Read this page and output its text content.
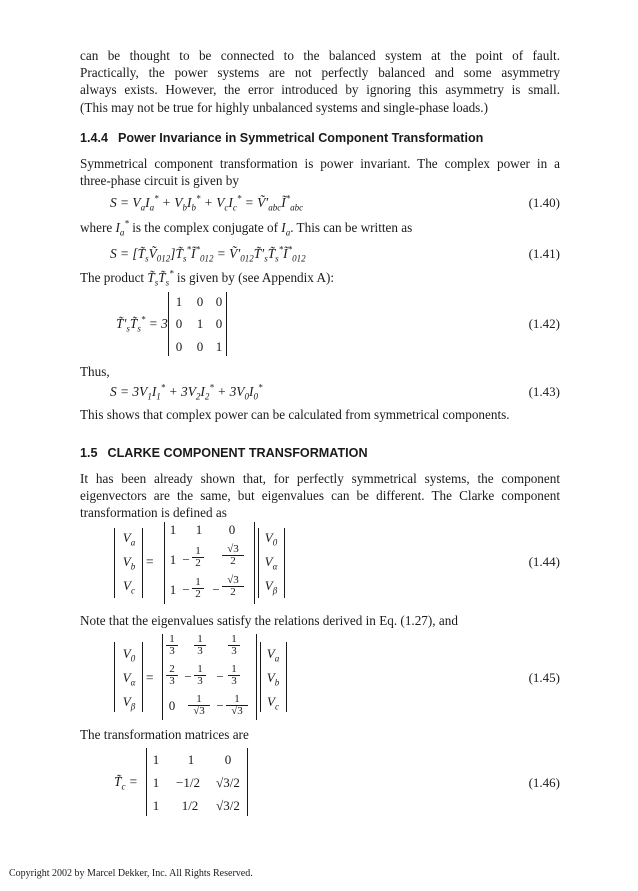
can be thought to be connected to the balanced system at the point of fault.
Practically, the power systems are not perfectly balanced and some asymmetry
always exists. However, the error introduced by ignoring this asymmetry is small.
(This may not be true for highly unbalanced systems and single-phase loads.)
1.4.4 Power Invariance in Symmetrical Component Transformation
Symmetrical component transformation is power invariant. The complex power in a
three-phase circuit is given by
$S = V_aI_a^* + V_bI_b^* + V_cI_c^*$ = $Ṽ'_{abc}Ĩ^*_{abc}$	(1.40)
where $I_a^*$ is the complex conjugate of $I_a$. This can be written as
$S = [T̃_sṼ_{012}]T̃_s^*Ĩ^*_{012}$ = $Ṽ'_{012}T̃'_sT̃_s^*Ĩ^*_{012}$	(1.41)
The product $T̃_sT̃_s^*$ is given by (see Appendix A):
$T̃'_sT̃_s^* = 3$
1 0 0
0 1 0
0 0 1
(1.42)
Thus,
$S = 3V_1I_1^* + 3V_2I_2^* + 3V_0I_0^*$	(1.43)
This shows that complex power can be calculated from symmetrical components.
1.5 CLARKE COMPONENT TRANSFORMATION
It has been already shown that, for perfectly symmetrical systems, the component
eigenvectors are the same, but eigenvalues can be different. The Clarke component
transformation is defined as
$V_a$
$V_b$
$V_c$
=
1 1 0
$1 - \frac{1}{2} \frac{√3}{2}$
$1 - \frac{1}{2} - \frac{√3}{2}$
$V_0$
$V_\alpha$
$V_\beta$
(1.44)
Note that the eigenvalues satisfy the relations derived in Eq. (1.27), and
$V_0$
$V_\alpha$
$V_\beta$
=
$\frac{1}{3} \frac{1}{3} \frac{1}{3}$
$\frac{2}{3} - \frac{1}{3} - \frac{1}{3}$
$0 \frac{1}{√3} - \frac{1}{√3}$
$V_a$
$V_b$
$V_c$
(1.45)
The transformation matrices are
$T̃_c$ =
1	1	0
1	−1/2	√3/2
1	1/2	√3/2
(1.46)
Copyright 2002 by Marcel Dekker, Inc. All Rights Reserved.
